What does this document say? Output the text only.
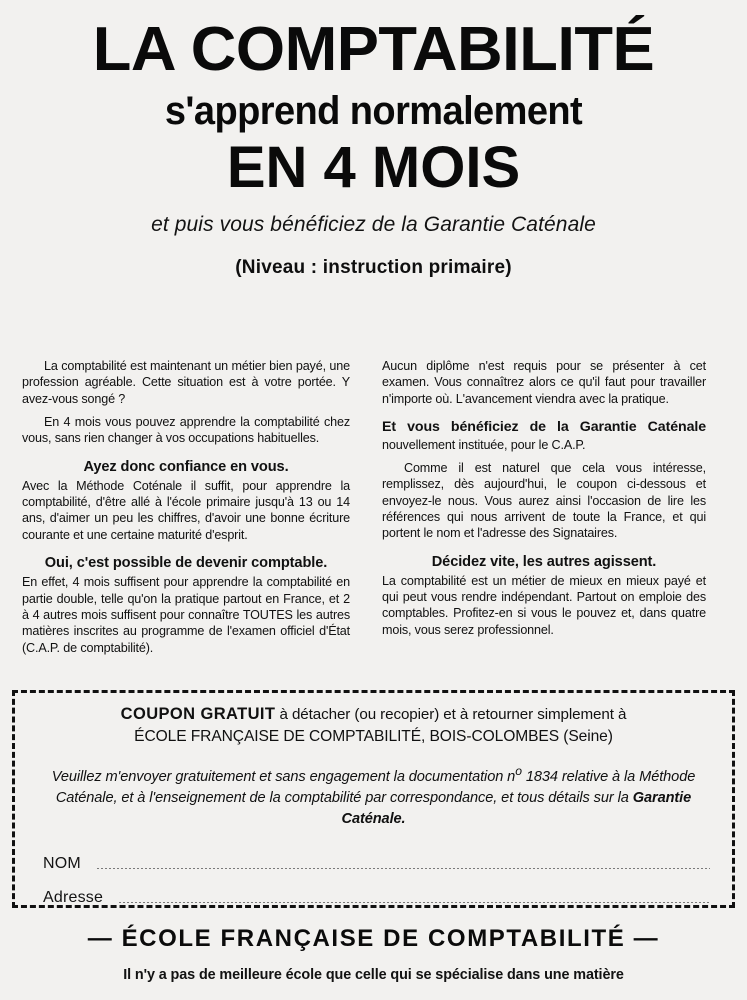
LA COMPTABILITÉ
s'apprend normalement
EN 4 MOIS
et puis vous bénéficiez de la Garantie Caténale
(Niveau : instruction primaire)

La comptabilité est maintenant un métier bien payé, une profession agréable. Cette situation est à votre portée. Y avez-vous songé ?

En 4 mois vous pouvez apprendre la comptabilité chez vous, sans rien changer à vos occupations habituelles.

Ayez donc confiance en vous.
Avec la Méthode Coténale il suffit, pour apprendre la comptabilité, d'être allé à l'école primaire jusqu'à 13 ou 14 ans, d'aimer un peu les chiffres, d'avoir une bonne écriture courante et une certaine maturité d'esprit.

Oui, c'est possible de devenir comptable.
En effet, 4 mois suffisent pour apprendre la comptabilité en partie double, telle qu'on la pratique partout en France, et 2 à 4 autres mois suffisent pour connaître TOUTES les autres matières inscrites au programme de l'examen officiel d'État (C.A.P. de comptabilité).

Aucun diplôme n'est requis pour se présenter à cet examen. Vous connaîtrez alors ce qu'il faut pour travailler n'importe où. L'avancement viendra avec la pratique.

Et vous bénéficiez de la Garantie Caténale nouvellement instituée, pour le C.A.P.

Comme il est naturel que cela vous intéresse, remplissez, dès aujourd'hui, le coupon ci-dessous et envoyez-le nous. Vous aurez ainsi l'occasion de lire les références qui nous arrivent de toute la France, et qui portent le nom et l'adresse des Signataires.

Décidez vite, les autres agissent.
La comptabilité est un métier de mieux en mieux payé et qui peut vous rendre indépendant. Partout on emploie des comptables. Profitez-en si vous le pouvez et, dans quatre mois, vous serez professionnel.

COUPON GRATUIT à détacher (ou recopier) et à retourner simplement à
ÉCOLE FRANÇAISE DE COMPTABILITÉ, BOIS-COLOMBES (Seine)
Veuillez m'envoyer gratuitement et sans engagement la documentation $n^o$ 1834 relative à la Méthode Caténale, et à l'enseignement de la comptabilité par correspondance, et tous détails sur la Garantie Caténale.
NOM
Adresse
— ÉCOLE FRANÇAISE DE COMPTABILITÉ —
Il n'y a pas de meilleure école que celle qui se spécialise dans une matière
